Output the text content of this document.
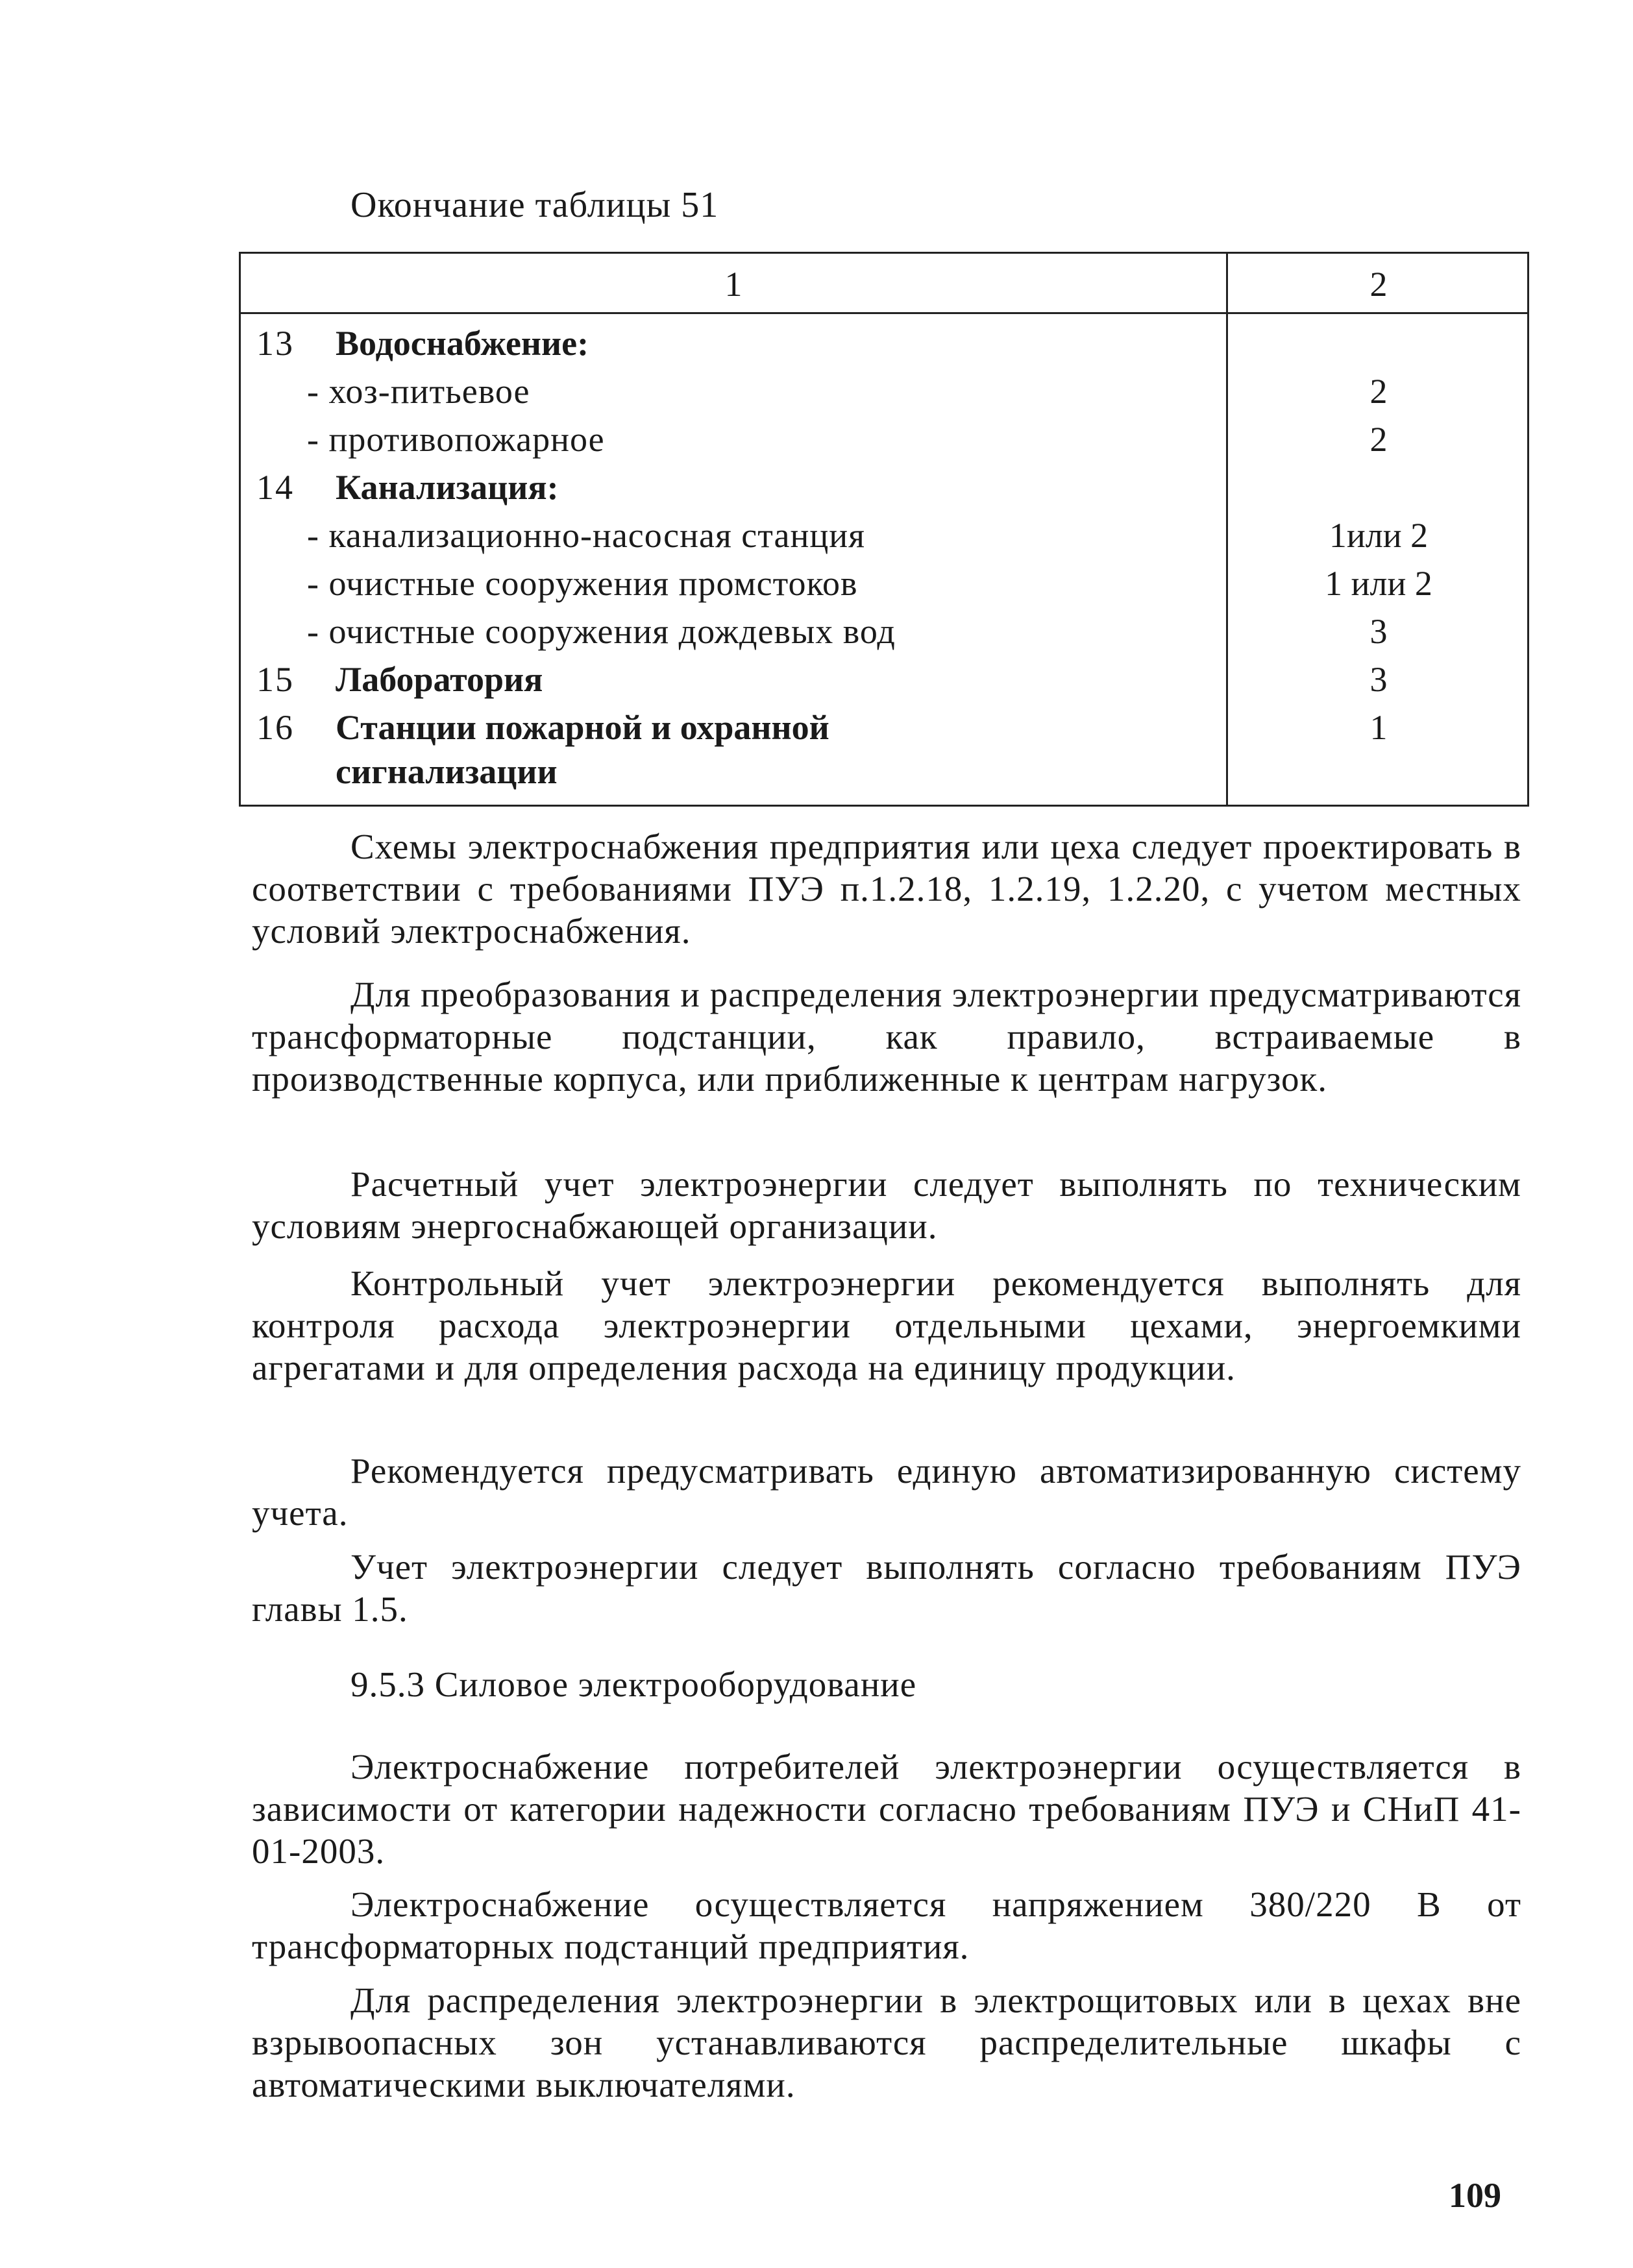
Окончание таблицы 51
1	2
13 Водоснабжение:
- хоз-питьевое	2
- противопожарное	2
14 Канализация:
- канализационно-насосная станция	1или 2
- очистные сооружения промстоков	1 или 2
- очистные сооружения дождевых вод	3
15 Лаборатория	3
16 Станции пожарной и охранной	1
сигнализации

Схемы электроснабжения предприятия или цеха следует проектировать в соответствии с требованиями ПУЭ п.1.2.18, 1.2.19, 1.2.20, с учетом местных условий электроснабжения.

Для преобразования и распределения электроэнергии предусматриваются трансформаторные подстанции, как правило, встраиваемые в производственные корпуса, или приближенные к центрам нагрузок.

Расчетный учет электроэнергии следует выполнять по техническим условиям энергоснабжающей организации.

Контрольный учет электроэнергии рекомендуется выполнять для контроля расхода электроэнергии отдельными цехами, энергоемкими агрегатами и для определения расхода на единицу продукции.

Рекомендуется предусматривать единую автоматизированную систему учета.

Учет электроэнергии следует выполнять согласно требованиям ПУЭ главы 1.5.

9.5.3 Силовое электрооборудование

Электроснабжение потребителей электроэнергии осуществляется в зависимости от категории надежности согласно требованиям ПУЭ и СНиП 41-01-2003.

Электроснабжение осуществляется напряжением 380/220 В от трансформаторных подстанций предприятия.

Для распределения электроэнергии в электрощитовых или в цехах вне взрывоопасных зон устанавливаются распределительные шкафы с автоматическими выключателями.

109
